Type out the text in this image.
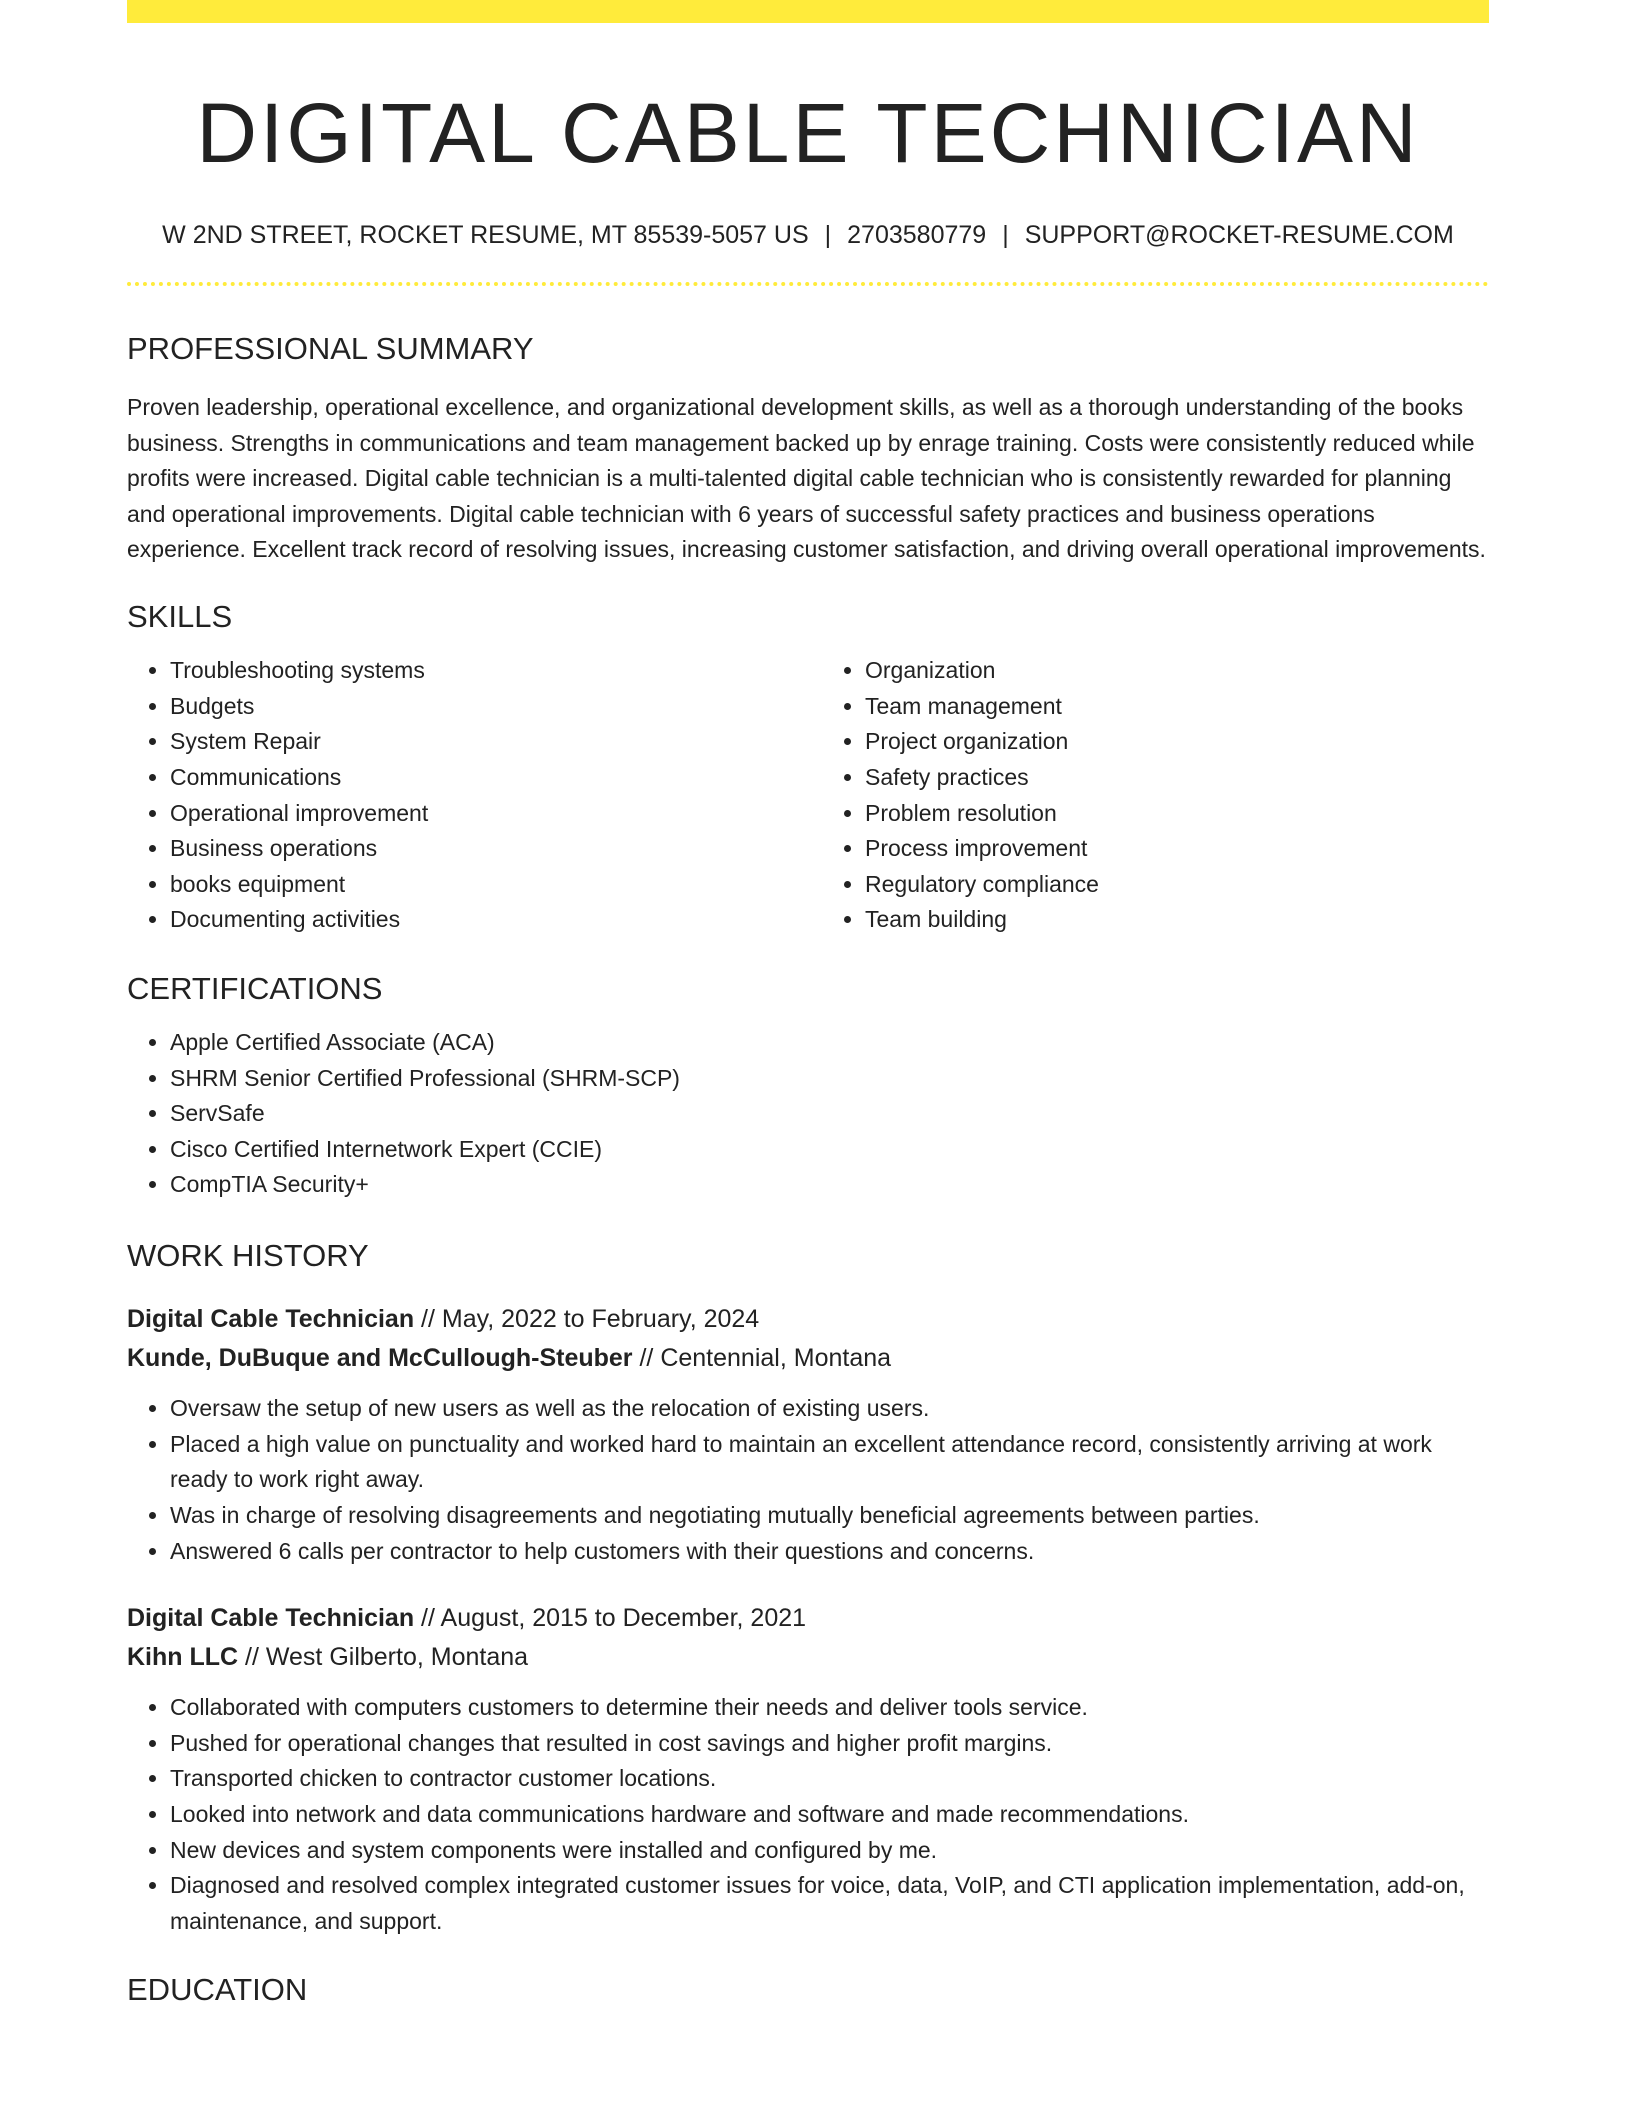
DIGITAL CABLE TECHNICIAN
W 2ND STREET, ROCKET RESUME, MT 85539-5057 US | 2703580779 | SUPPORT@ROCKET-RESUME.COM
PROFESSIONAL SUMMARY

Proven leadership, operational excellence, and organizational development skills, as well as a thorough understanding of the books business. Strengths in communications and team management backed up by enrage training. Costs were consistently reduced while profits were increased. Digital cable technician is a multi-talented digital cable technician who is consistently rewarded for planning and operational improvements. Digital cable technician with 6 years of successful safety practices and business operations experience. Excellent track record of resolving issues, increasing customer satisfaction, and driving overall operational improvements.

SKILLS
• Troubleshooting systems
• Budgets
• System Repair
• Communications
• Operational improvement
• Business operations
• books equipment
• Documenting activities
• Organization
• Team management
• Project organization
• Safety practices
• Problem resolution
• Process improvement
• Regulatory compliance
• Team building
CERTIFICATIONS
• Apple Certified Associate (ACA)
• SHRM Senior Certified Professional (SHRM-SCP)
• ServSafe
• Cisco Certified Internetwork Expert (CCIE)
• CompTIA Security+
WORK HISTORY
Digital Cable Technician // May, 2022 to February, 2024
Kunde, DuBuque and McCullough-Steuber // Centennial, Montana
• Oversaw the setup of new users as well as the relocation of existing users.
• Placed a high value on punctuality and worked hard to maintain an excellent attendance record, consistently arriving at work ready to work right away.
• Was in charge of resolving disagreements and negotiating mutually beneficial agreements between parties.
• Answered 6 calls per contractor to help customers with their questions and concerns.
Digital Cable Technician // August, 2015 to December, 2021
Kihn LLC // West Gilberto, Montana
• Collaborated with computers customers to determine their needs and deliver tools service.
• Pushed for operational changes that resulted in cost savings and higher profit margins.
• Transported chicken to contractor customer locations.
• Looked into network and data communications hardware and software and made recommendations.
• New devices and system components were installed and configured by me.
• Diagnosed and resolved complex integrated customer issues for voice, data, VoIP, and CTI application implementation, add-on, maintenance, and support.
EDUCATION
